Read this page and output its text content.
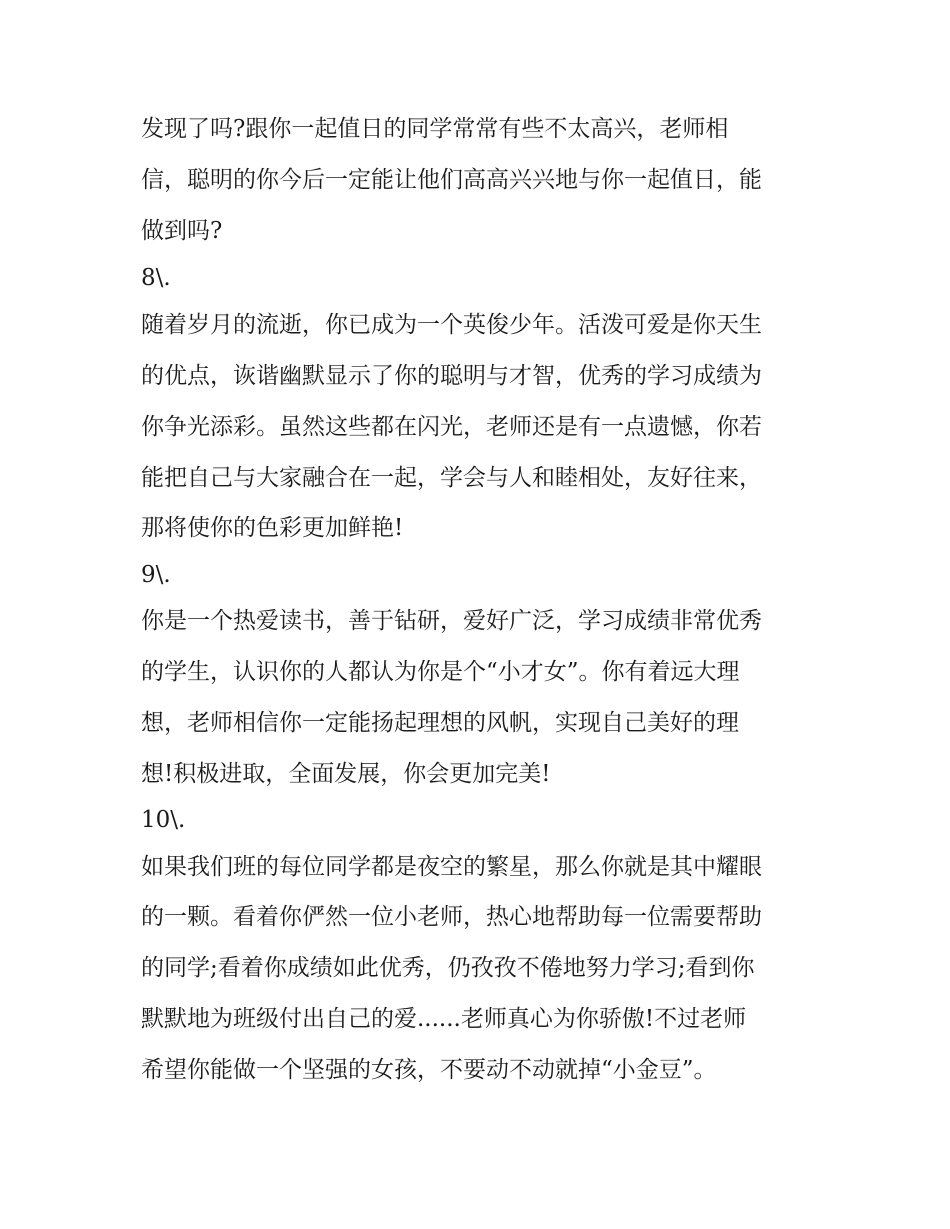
发现了吗?跟你一起值日的同学常常有些不太高兴，老师相
信，聪明的你今后一定能让他们高高兴兴地与你一起值日，能
做到吗?
8\.
随着岁月的流逝，你已成为一个英俊少年。活泼可爱是你天生
的优点，诙谐幽默显示了你的聪明与才智，优秀的学习成绩为
你争光添彩。虽然这些都在闪光，老师还是有一点遗憾，你若
能把自己与大家融合在一起，学会与人和睦相处，友好往来，
那将使你的色彩更加鲜艳!
9\.
你是一个热爱读书，善于钻研，爱好广泛，学习成绩非常优秀
的学生，认识你的人都认为你是个“小才女”。你有着远大理
想，老师相信你一定能扬起理想的风帆，实现自己美好的理
想!积极进取，全面发展，你会更加完美!
10\.
如果我们班的每位同学都是夜空的繁星，那么你就是其中耀眼
的一颗。看着你俨然一位小老师，热心地帮助每一位需要帮助
的同学;看着你成绩如此优秀，仍孜孜不倦地努力学习;看到你
默默地为班级付出自己的爱......老师真心为你骄傲!不过老师
希望你能做一个坚强的女孩，不要动不动就掉“小金豆”。
